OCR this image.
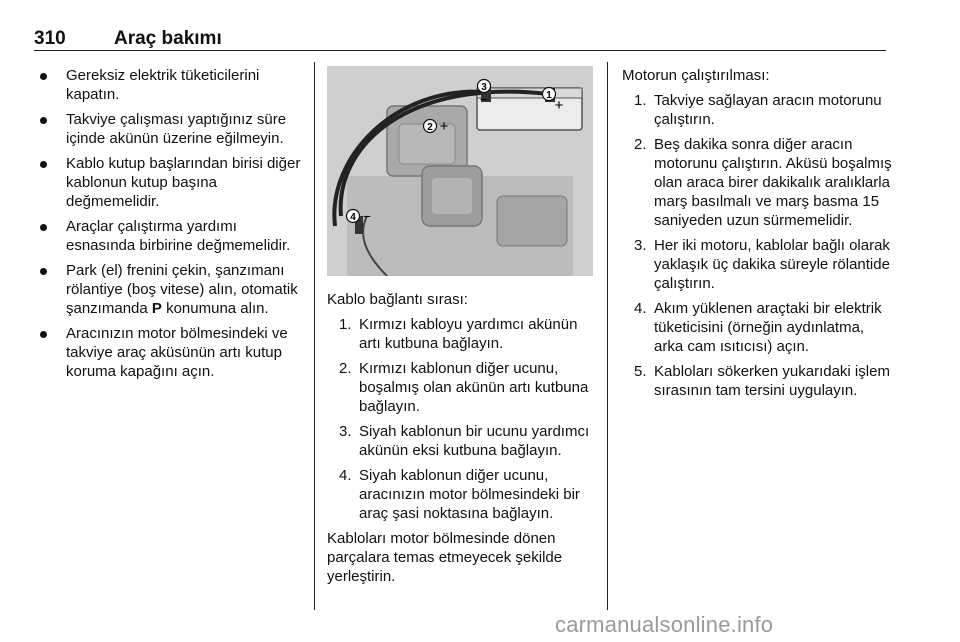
310	Araç bakımı
Gereksiz elektrik tüketicilerini kapatın.
Takviye çalışması yaptığınız süre içinde akünün üzerine eğilmeyin.
Kablo kutup başlarından birisi diğer kablonun kutup başına değmemelidir.
Araçlar çalıştırma yardımı esnasında birbirine değmemelidir.
Park (el) frenini çekin, şanzımanı rölantiye (boş vitese) alın, otomatik şanzımanda P konumuna alın.
Aracınızın motor bölmesindeki ve takviye araç aküsünün artı kutup koruma kapağını açın.
3
−	1
+
2 +
4 −

Kablo bağlantı sırası:

1. Kırmızı kabloyu yardımcı akünün artı kutbuna bağlayın.
2. Kırmızı kablonun diğer ucunu, boşalmış olan akünün artı kutbuna bağlayın.
3. Siyah kablonun bir ucunu yardımcı akünün eksi kutbuna bağlayın.
4. Siyah kablonun diğer ucunu, aracınızın motor bölmesindeki bir araç şasi noktasına bağlayın.

Kabloları motor bölmesinde dönen parçalara temas etmeyecek şekilde yerleştirin.

Motorun çalıştırılması:

1. Takviye sağlayan aracın motorunu çalıştırın.
2. Beş dakika sonra diğer aracın motorunu çalıştırın. Aküsü boşalmış olan araca birer dakikalık aralıklarla marş basılmalı ve marş basma 15 saniyeden uzun sürmemelidir.
3. Her iki motoru, kablolar bağlı olarak yaklaşık üç dakika süreyle rölantide çalıştırın.
4. Akım yüklenen araçtaki bir elektrik tüketicisini (örneğin aydınlatma, arka cam ısıtıcısı) açın.
5. Kabloları sökerken yukarıdaki işlem sırasının tam tersini uygulayın.
carmanualsonline.info
